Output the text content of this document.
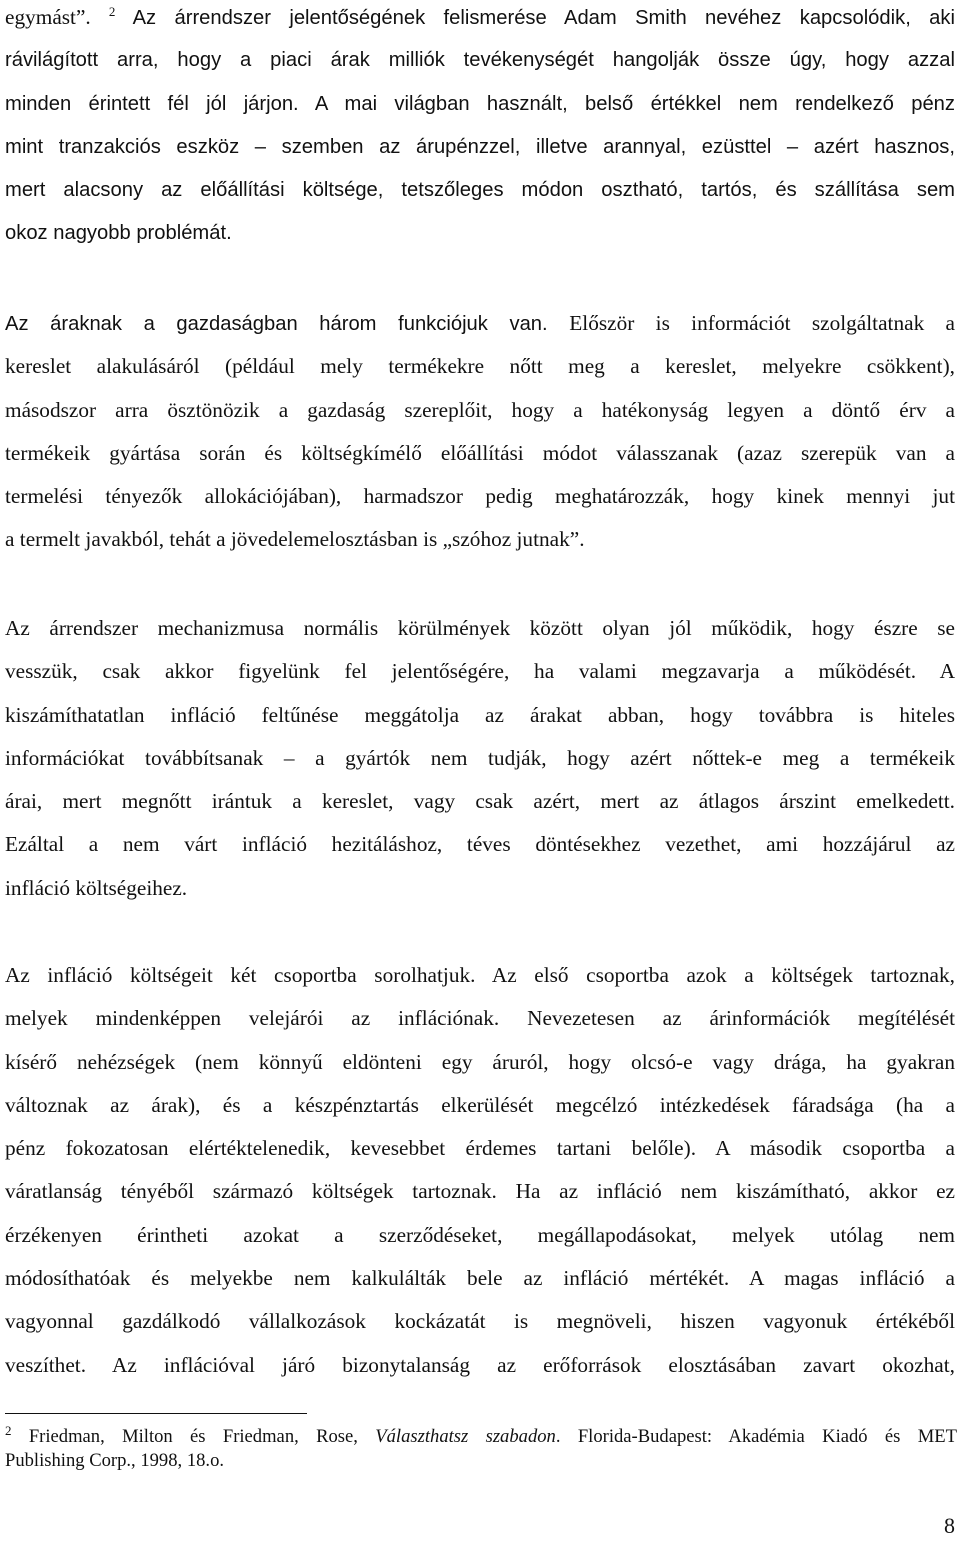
egymást”. $^2$ Az árrendszer jelentőségének felismerése Adam Smith nevéhez kapcsolódik, aki
rávilágított arra, hogy a piaci árak milliók tevékenységét hangolják össze úgy, hogy azzal
minden érintett fél jól járjon. A mai világban használt, belső értékkel nem rendelkező pénz
mint tranzakciós eszköz – szemben az árupénzzel, illetve arannyal, ezüsttel – azért hasznos,
mert alacsony az előállítási költsége, tetszőleges módon osztható, tartós, és szállítása sem
okoz nagyobb problémát.
Az áraknak a gazdaságban három funkciójuk van. Először is információt szolgáltatnak a
kereslet alakulásáról (például mely termékekre nőtt meg a kereslet, melyekre csökkent),
másodszor arra ösztönözik a gazdaság szereplőit, hogy a hatékonyság legyen a döntő érv a
termékeik gyártása során és költségkímélő előállítási módot válasszanak (azaz szerepük van a
termelési tényezők allokációjában), harmadszor pedig meghatározzák, hogy kinek mennyi jut
a termelt javakból, tehát a jövedelemelosztásban is „szóhoz jutnak”.
Az árrendszer mechanizmusa normális körülmények között olyan jól működik, hogy észre se
vesszük, csak akkor figyelünk fel jelentőségére, ha valami megzavarja a működését. A
kiszámíthatatlan infláció feltűnése meggátolja az árakat abban, hogy továbbra is hiteles
információkat továbbítsanak – a gyártók nem tudják, hogy azért nőttek-e meg a termékeik
árai, mert megnőtt irántuk a kereslet, vagy csak azért, mert az átlagos árszint emelkedett.
Ezáltal a nem várt infláció hezitáláshoz, téves döntésekhez vezethet, ami hozzájárul az
infláció költségeihez.
Az infláció költségeit két csoportba sorolhatjuk. Az első csoportba azok a költségek tartoznak,
melyek mindenképpen velejárói az inflációnak. Nevezetesen az árinformációk megítélését
kísérő nehézségek (nem könnyű eldönteni egy áruról, hogy olcsó-e vagy drága, ha gyakran
változnak az árak), és a készpénztartás elkerülését megcélzó intézkedések fáradsága (ha a
pénz fokozatosan elértéktelenedik, kevesebbet érdemes tartani belőle). A második csoportba a
váratlanság tényéből származó költségek tartoznak. Ha az infláció nem kiszámítható, akkor ez
érzékenyen érintheti azokat a szerződéseket, megállapodásokat, melyek utólag nem
módosíthatóak és melyekbe nem kalkulálták bele az infláció mértékét. A magas infláció a
vagyonnal gazdálkodó vállalkozások kockázatát is megnöveli, hiszen vagyonuk értékéből
veszíthet. Az inflációval járó bizonytalanság az erőforrások elosztásában zavart okozhat,
$^2$ Friedman, Milton és Friedman, Rose, Választhatsz szabadon. Florida-Budapest: Akadémia Kiadó és MET
Publishing Corp., 1998, 18.o.
8
